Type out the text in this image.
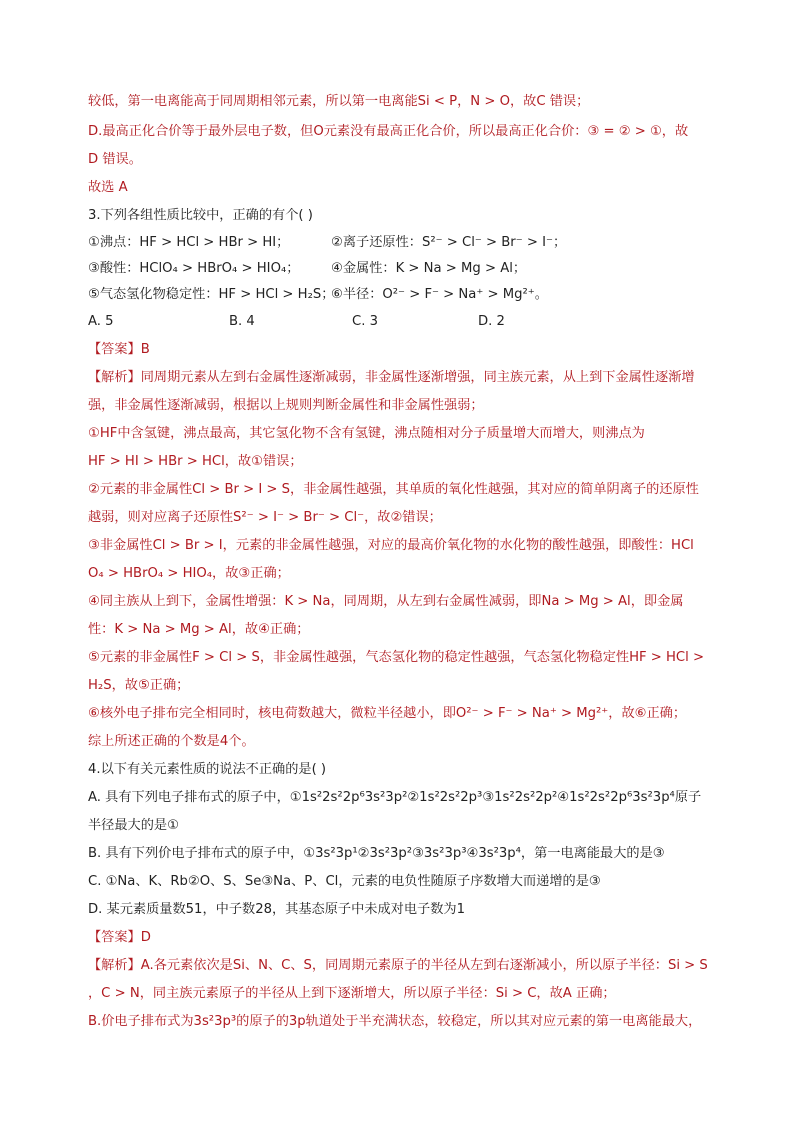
较低，第一电离能高于同周期相邻元素，所以第一电离能Si < P，N > O，故C 错误；
D.最高正化合价等于最外层电子数，但O元素没有最高正化合价，所以最高正化合价：③ = ② > ①，故
D 错误。
故选 A
3.下列各组性质比较中，正确的有个( )
①沸点：HF > HCl > HBr > HI；	②离子还原性：S²⁻ > Cl⁻ > Br⁻ > I⁻；
③酸性：HClO₄ > HBrO₄ > HIO₄； ④金属性：K > Na > Mg > Al；
⑤气态氢化物稳定性：HF > HCl > H₂S；
⑥半径：O²⁻ > F⁻ > Na⁺ > Mg²⁺。
A. 5	B. 4	C. 3	D. 2
【答案】B
【解析】同周期元素从左到右金属性逐渐减弱，非金属性逐渐增强，同主族元素，从上到下金属性逐渐增
强，非金属性逐渐减弱，根据以上规则判断金属性和非金属性强弱；
①HF中含氢键，沸点最高，其它氢化物不含有氢键，沸点随相对分子质量增大而增大，则沸点为
HF > HI > HBr > HCl，故①错误；
②元素的非金属性Cl > Br > I > S，非金属性越强，其单质的氧化性越强，其对应的简单阴离子的还原性
越弱，则对应离子还原性S²⁻ > I⁻ > Br⁻ > Cl⁻，故②错误；
③非金属性Cl > Br > I，元素的非金属性越强，对应的最高价氧化物的水化物的酸性越强，即酸性：HCl
O₄ > HBrO₄ > HIO₄，故③正确；
④同主族从上到下，金属性增强：K > Na，同周期，从左到右金属性减弱，即Na > Mg > Al，即金属
性：K > Na > Mg > Al，故④正确；
⑤元素的非金属性F > Cl > S，非金属性越强，气态氢化物的稳定性越强，气态氢化物稳定性HF > HCl >
H₂S，故⑤正确；
⑥核外电子排布完全相同时，核电荷数越大，微粒半径越小，即O²⁻ > F⁻ > Na⁺ > Mg²⁺，故⑥正确；
综上所述正确的个数是4个。
4.以下有关元素性质的说法不正确的是( )
A. 具有下列电子排布式的原子中，①1s²2s²2p⁶3s²3p²②1s²2s²2p³③1s²2s²2p²④1s²2s²2p⁶3s²3p⁴原子
半径最大的是①
B. 具有下列价电子排布式的原子中，①3s²3p¹②3s²3p²③3s²3p³④3s²3p⁴，第一电离能最大的是③
C. ①Na、K、Rb②O、S、Se③Na、P、Cl，元素的电负性随原子序数增大而递增的是③
D. 某元素质量数51，中子数28，其基态原子中未成对电子数为1
【答案】D
【解析】A.各元素依次是Si、N、C、S，同周期元素原子的半径从左到右逐渐减小，所以原子半径：Si > S
，C > N，同主族元素原子的半径从上到下逐渐增大，所以原子半径：Si > C，故A 正确；
B.价电子排布式为3s²3p³的原子的3p轨道处于半充满状态，较稳定，所以其对应元素的第一电离能最大，
